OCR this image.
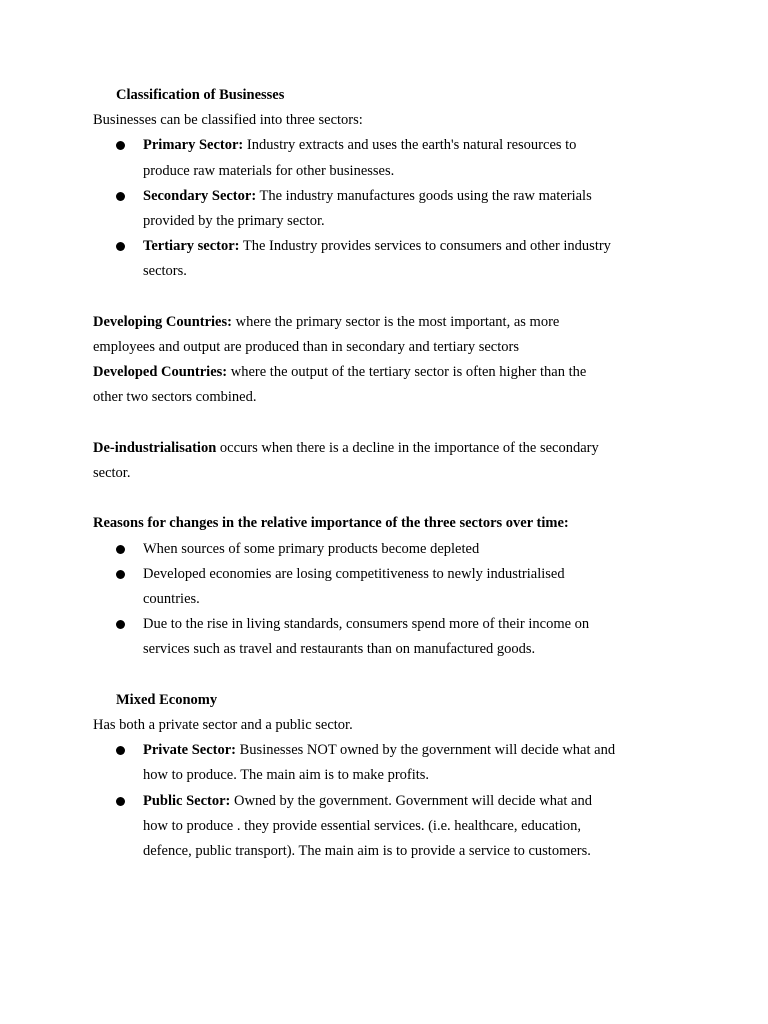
Classification of Businesses
Businesses can be classified into three sectors:
Primary Sector: Industry extracts and uses the earth's natural resources to
produce raw materials for other businesses.
Secondary Sector: The industry manufactures goods using the raw materials
provided by the primary sector.
Tertiary sector: The Industry provides services to consumers and other industry
sectors.
Developing Countries: where the primary sector is the most important, as more
employees and output are produced than in secondary and tertiary sectors
Developed Countries: where the output of the tertiary sector is often higher than the
other two sectors combined.
De-industrialisation occurs when there is a decline in the importance of the secondary
sector.
Reasons for changes in the relative importance of the three sectors over time:
When sources of some primary products become depleted
Developed economies are losing competitiveness to newly industrialised
countries.
Due to the rise in living standards, consumers spend more of their income on
services such as travel and restaurants than on manufactured goods.
Mixed Economy
Has both a private sector and a public sector.
Private Sector: Businesses NOT owned by the government will decide what and
how to produce. The main aim is to make profits.
Public Sector: Owned by the government. Government will decide what and
how to produce . they provide essential services. (i.e. healthcare, education,
defence, public transport). The main aim is to provide a service to customers.
